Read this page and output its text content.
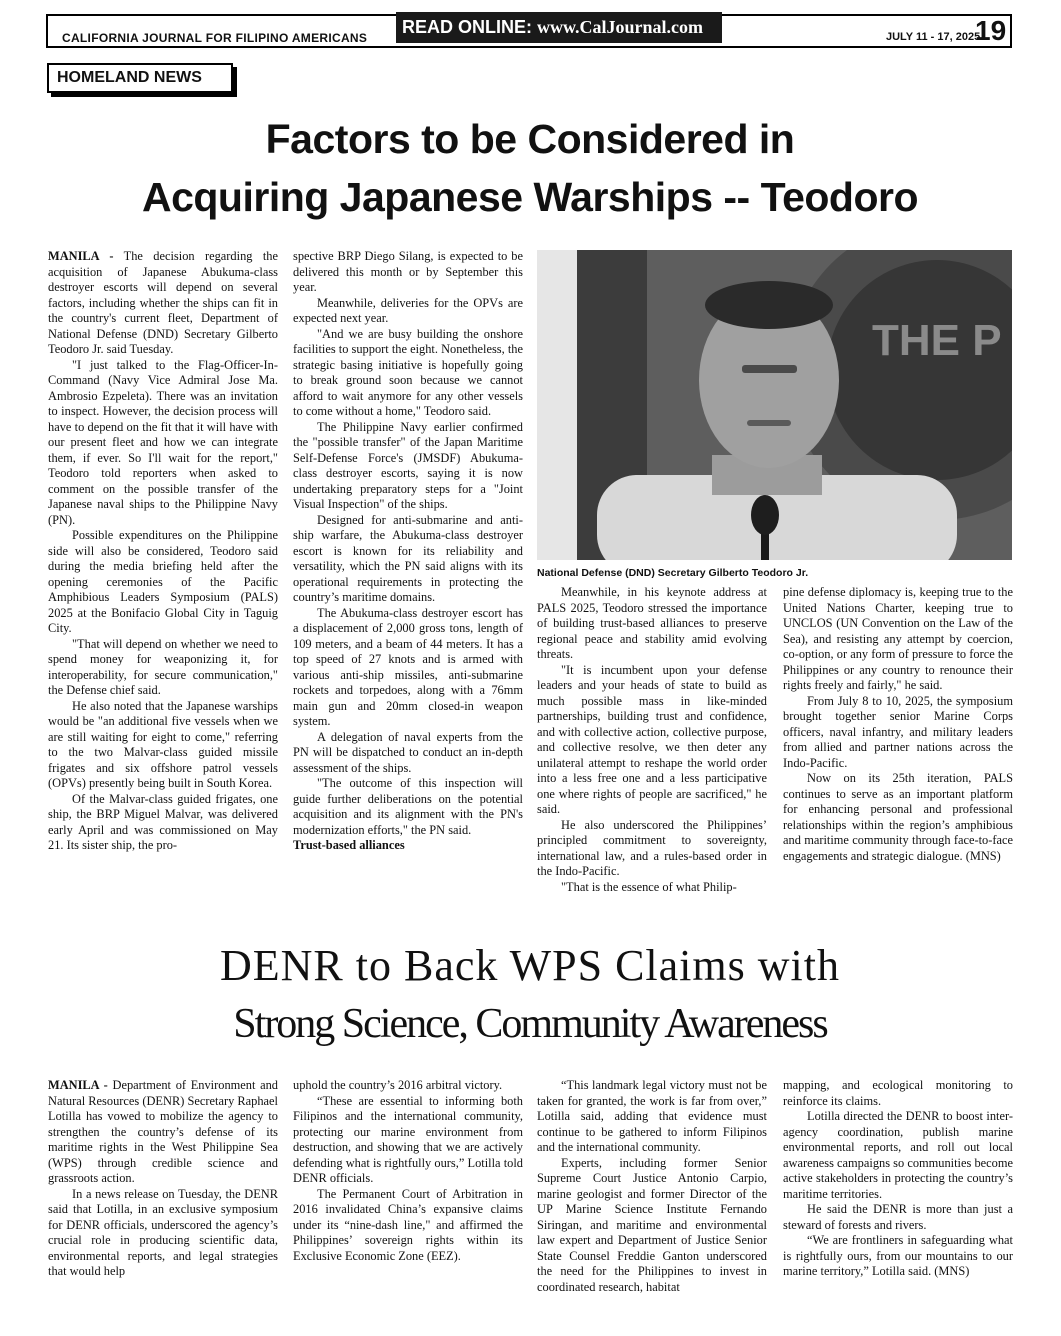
CALIFORNIA JOURNAL FOR FILIPINO AMERICANS
READ ONLINE: www.CalJournal.com	JULY 11 - 17, 2025
19
HOMELAND NEWS
Factors to be Considered in
Acquiring Japanese Warships -- Teodoro

MANILA - The decision regarding the acquisition of Japanese Abukuma-class destroyer escorts will depend on several factors, including whether the ships can fit in the country's current fleet, Department of National Defense (DND) Secretary Gilberto Teodoro Jr. said Tuesday.

"I just talked to the Flag-Officer-In-Command (Navy Vice Admiral Jose Ma. Ambrosio Ezpeleta). There was an invitation to inspect. However, the decision process will have to depend on the fit that it will have with our present fleet and how we can integrate them, if ever. So I'll wait for the report," Teodoro told reporters when asked to comment on the possible transfer of the Japanese naval ships to the Philippine Navy (PN).

Possible expenditures on the Philippine side will also be considered, Teodoro said during the media briefing held after the opening ceremonies of the Pacific Amphibious Leaders Symposium (PALS) 2025 at the Bonifacio Global City in Taguig City.

"That will depend on whether we need to spend money for weaponizing it, for interoperability, for secure communication," the Defense chief said.

He also noted that the Japanese warships would be "an additional five vessels when we are still waiting for eight to come," referring to the two Malvar-class guided missile frigates and six offshore patrol vessels (OPVs) presently being built in South Korea.

Of the Malvar-class guided frigates, one ship, the BRP Miguel Malvar, was delivered early April and was commissioned on May 21. Its sister ship, the pro-

spective BRP Diego Silang, is expected to be delivered this month or by September this year.

Meanwhile, deliveries for the OPVs are expected next year.

"And we are busy building the onshore facilities to support the eight. Nonetheless, the strategic basing initiative is hopefully going to break ground soon because we cannot afford to wait anymore for any other vessels to come without a home," Teodoro said.

The Philippine Navy earlier confirmed the "possible transfer" of the Japan Maritime Self-Defense Force's (JMSDF) Abukuma-class destroyer escorts, saying it is now undertaking preparatory steps for a "Joint Visual Inspection" of the ships.

Designed for anti-submarine and anti-ship warfare, the Abukuma-class destroyer escort is known for its reliability and versatility, which the PN said aligns with its operational requirements in protecting the country’s maritime domains.

The Abukuma-class destroyer escort has a displacement of 2,000 gross tons, length of 109 meters, and a beam of 44 meters. It has a top speed of 27 knots and is armed with various anti-ship missiles, anti-submarine rockets and torpedoes, along with a 76mm main gun and 20mm closed-in weapon system.

A delegation of naval experts from the PN will be dispatched to conduct an in-depth assessment of the ships.

"The outcome of this inspection will guide further deliberations on the potential acquisition and its alignment with the PN's modernization efforts," the PN said.

Trust-based alliances

THE P
National Defense (DND) Secretary Gilberto Teodoro Jr.

Meanwhile, in his keynote address at PALS 2025, Teodoro stressed the importance of building trust-based alliances to preserve regional peace and stability amid evolving threats.

"It is incumbent upon your defense leaders and your heads of state to build as much possible mass in like-minded partnerships, building trust and confidence, and with collective action, collective purpose, and collective resolve, we then deter any unilateral attempt to reshape the world order into a less free one and a less participative one where rights of people are sacrificed," he said.

He also underscored the Philippines’ principled commitment to sovereignty, international law, and a rules-based order in the Indo-Pacific.

"That is the essence of what Philip-

pine defense diplomacy is, keeping true to the United Nations Charter, keeping true to UNCLOS (UN Convention on the Law of the Sea), and resisting any attempt by coercion, co-option, or any form of pressure to force the Philippines or any country to renounce their rights freely and fairly," he said.

From July 8 to 10, 2025, the symposium brought together senior Marine Corps officers, naval infantry, and military leaders from allied and partner nations across the Indo-Pacific.

Now on its 25th iteration, PALS continues to serve as an important platform for enhancing personal and professional relationships within the region’s amphibious and maritime community through face-to-face engagements and strategic dialogue. (MNS)

DENR to Back WPS Claims with
Strong Science, Community Awareness

MANILA - Department of Environment and Natural Resources (DENR) Secretary Raphael Lotilla has vowed to mobilize the agency to strengthen the country’s defense of its maritime rights in the West Philippine Sea (WPS) through credible science and grassroots action.

In a news release on Tuesday, the DENR said that Lotilla, in an exclusive symposium for DENR officials, underscored the agency’s crucial role in producing scientific data, environmental reports, and legal strategies that would help

uphold the country’s 2016 arbitral victory.

“These are essential to informing both Filipinos and the international community, protecting our marine environment from destruction, and showing that we are actively defending what is rightfully ours,” Lotilla told DENR officials.

The Permanent Court of Arbitration in 2016 invalidated China’s expansive claims under its “nine-dash line," and affirmed the Philippines’ sovereign rights within its Exclusive Economic Zone (EEZ).

“This landmark legal victory must not be taken for granted, the work is far from over,” Lotilla said, adding that evidence must continue to be gathered to inform Filipinos and the international community.

Experts, including former Senior Supreme Court Justice Antonio Carpio, marine geologist and former Director of the UP Marine Science Institute Fernando Siringan, and maritime and environmental law expert and Department of Justice Senior State Counsel Freddie Ganton underscored the need for the Philippines to invest in coordinated research, habitat

mapping, and ecological monitoring to reinforce its claims.

Lotilla directed the DENR to boost inter-agency coordination, publish marine environmental reports, and roll out local awareness campaigns so communities become active stakeholders in protecting the country’s maritime territories.

He said the DENR is more than just a steward of forests and rivers.

“We are frontliners in safeguarding what is rightfully ours, from our mountains to our marine territory,” Lotilla said. (MNS)
